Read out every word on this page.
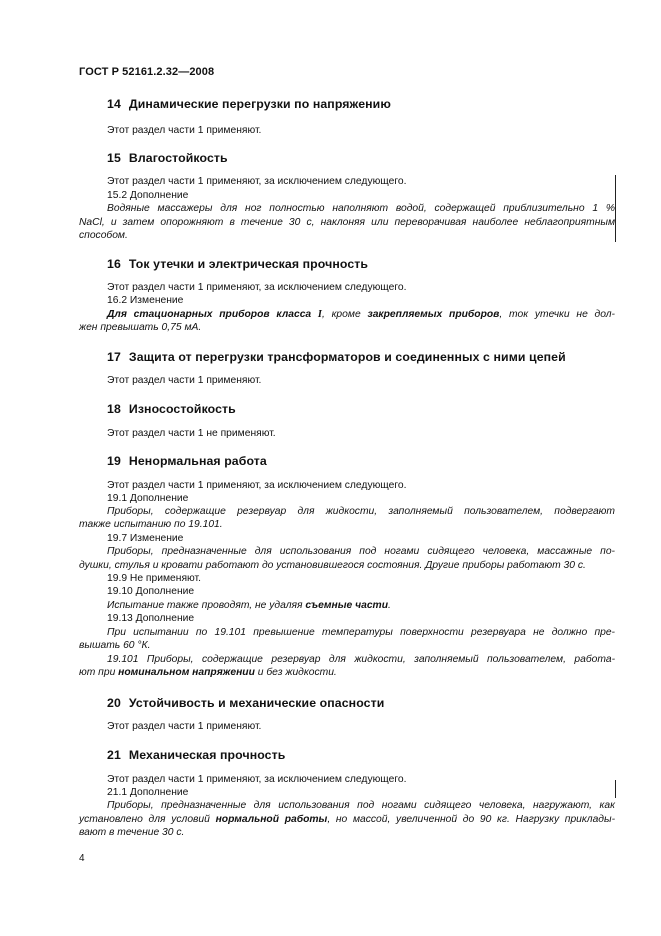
ГОСТ Р 52161.2.32—2008
14 Динамические перегрузки по напряжению
Этот раздел части 1 применяют.
15 Влагостойкость
Этот раздел части 1 применяют, за исключением следующего.
15.2 Дополнение
Водяные массажеры для ног полностью наполняют водой, содержащей приблизительно 1 %
NaCl, и затем опорожняют в течение 30 с, наклоняя или переворачивая наиболее неблагоприятным
способом.
16 Ток утечки и электрическая прочность
Этот раздел части 1 применяют, за исключением следующего.
16.2 Изменение
Для стационарных приборов класса I, кроме закрепляемых приборов, ток утечки не дол-
жен превышать 0,75 мА.
17 Защита от перегрузки трансформаторов и соединенных с ними цепей
Этот раздел части 1 применяют.
18 Износостойкость
Этот раздел части 1 не применяют.
19 Ненормальная работа
Этот раздел части 1 применяют, за исключением следующего.
19.1 Дополнение
Приборы, содержащие резервуар для жидкости, заполняемый пользователем, подвергают
также испытанию по 19.101.
19.7 Изменение
Приборы, предназначенные для использования под ногами сидящего человека, массажные по-
душки, стулья и кровати работают до установившегося состояния. Другие приборы работают 30 с.
19.9 Не применяют.
19.10 Дополнение
Испытание также проводят, не удаляя съемные части.
19.13 Дополнение
При испытании по 19.101 превышение температуры поверхности резервуара не должно пре-
вышать 60 °К.
19.101 Приборы, содержащие резервуар для жидкости, заполняемый пользователем, работа-
ют при номинальном напряжении и без жидкости.
20 Устойчивость и механические опасности
Этот раздел части 1 применяют.
21 Механическая прочность
Этот раздел части 1 применяют, за исключением следующего.
21.1 Дополнение
Приборы, предназначенные для использования под ногами сидящего человека, нагружают, как
установлено для условий нормальной работы, но массой, увеличенной до 90 кг. Нагрузку приклады-
вают в течение 30 с.
4
